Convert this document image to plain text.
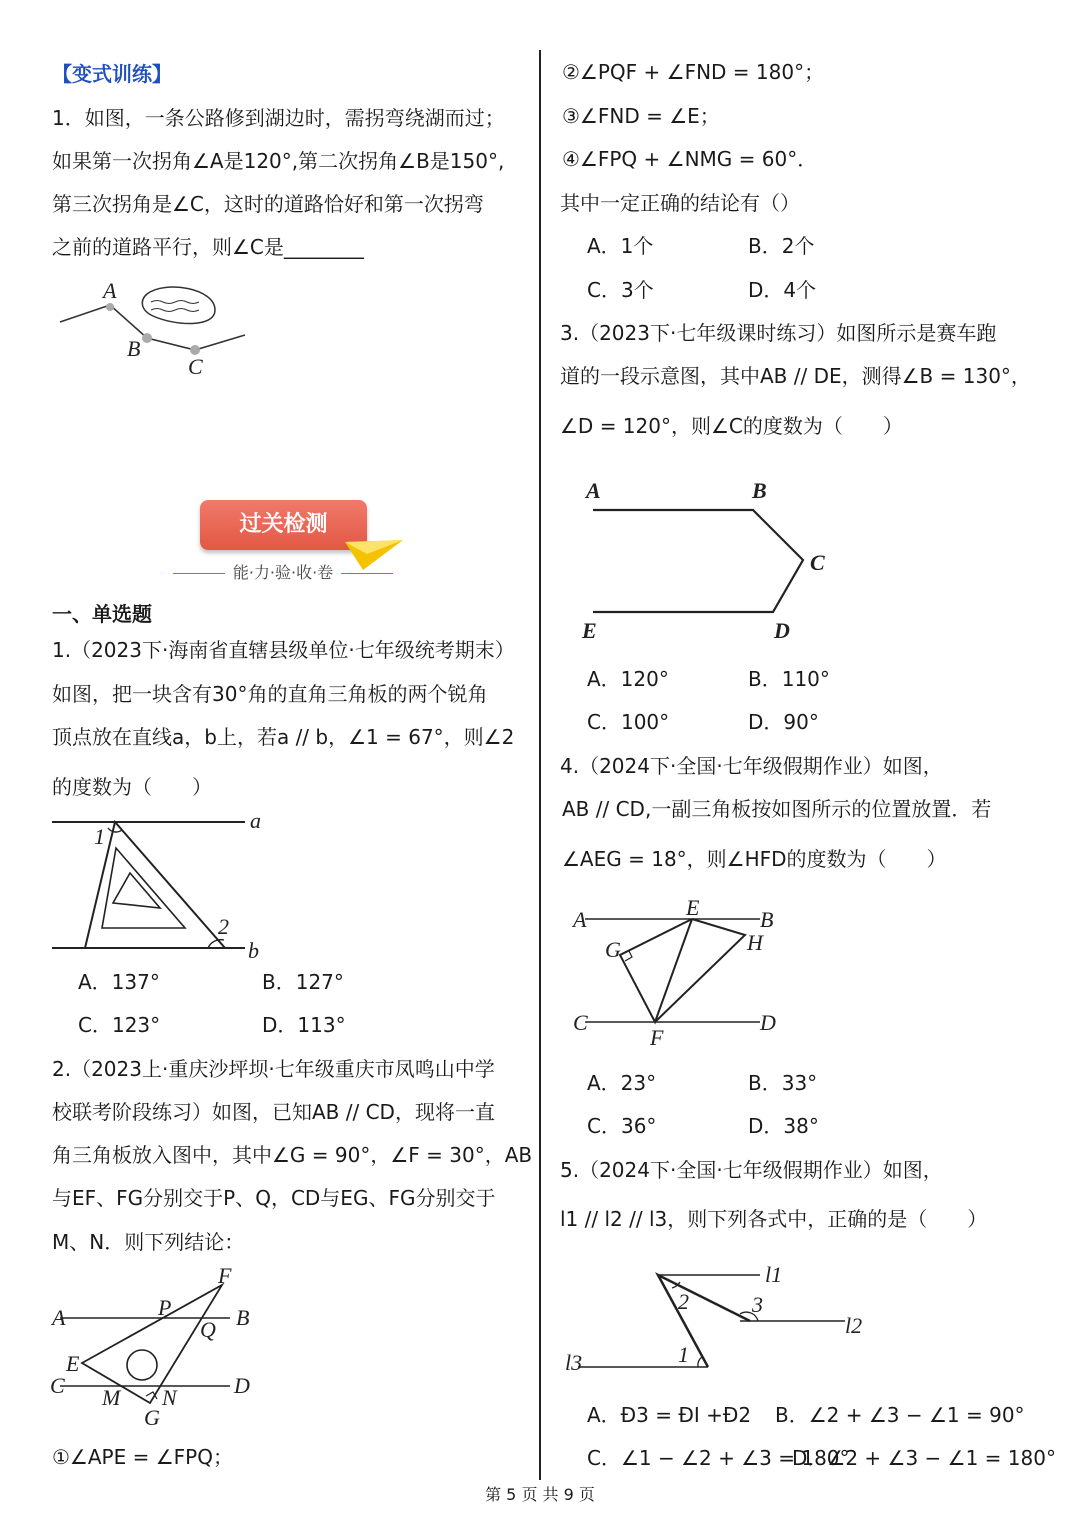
【变式训练】
1．如图，一条公路修到湖边时，需拐弯绕湖而过；
如果第一次拐角∠A是120°,第二次拐角∠B是150°,
第三次拐角是∠C，这时的道路恰好和第一次拐弯
之前的道路平行，则∠C是________
A
B
C
过关检测
能·力·验·收·卷
一、单选题
1.（2023下·海南省直辖县级单位·七年级统考期末）
如图，把一块含有30°角的直角三角板的两个锐角
顶点放在直线a，b上，若a // b，∠1 = 67°，则∠2
的度数为（　　）
a
b
1
2
A．137°	B．127°
C．123°	D．113°
2.（2023上·重庆沙坪坝·七年级重庆市凤鸣山中学
校联考阶段练习）如图，已知AB // CD，现将一直
角三角板放入图中，其中∠G = 90°，∠F = 30°，AB
与EF、FG分别交于P、Q，CD与EG、FG分别交于
M、N．则下列结论：
F
A	P	B
Q
E
C M N	D
G
①∠APE = ∠FPQ；
②∠PQF + ∠FND = 180°；
③∠FND = ∠E；
④∠FPQ + ∠NMG = 60°．
其中一定正确的结论有（）
A．1个	B．2个
C．3个	D．4个
3.（2023下·七年级课时练习）如图所示是赛车跑
道的一段示意图，其中AB // DE，测得∠B = 130°，
∠D = 120°，则∠C的度数为（　　）
A	B
C
E	D
A．120°	B．110°
C．100°	D．90°
4.（2024下·全国·七年级假期作业）如图，
AB // CD,一副三角板按如图所示的位置放置．若
∠AEG = 18°，则∠HFD的度数为（　　）
A	E	B
G	H
C
F
D
A．23°	B．33°
C．36°	D．38°
5.（2024下·全国·七年级假期作业）如图，
l1 // l2 // l3，则下列各式中，正确的是（　　）
l1
2	3
l2
l3	1
A．Ð3 = ÐI +Ð2 B．∠2 + ∠3 − ∠1 = 90°
C．∠1 − ∠2 + ∠3 = 180°
D．∠2 + ∠3 − ∠1 = 180°
第 5 页 共 9 页
